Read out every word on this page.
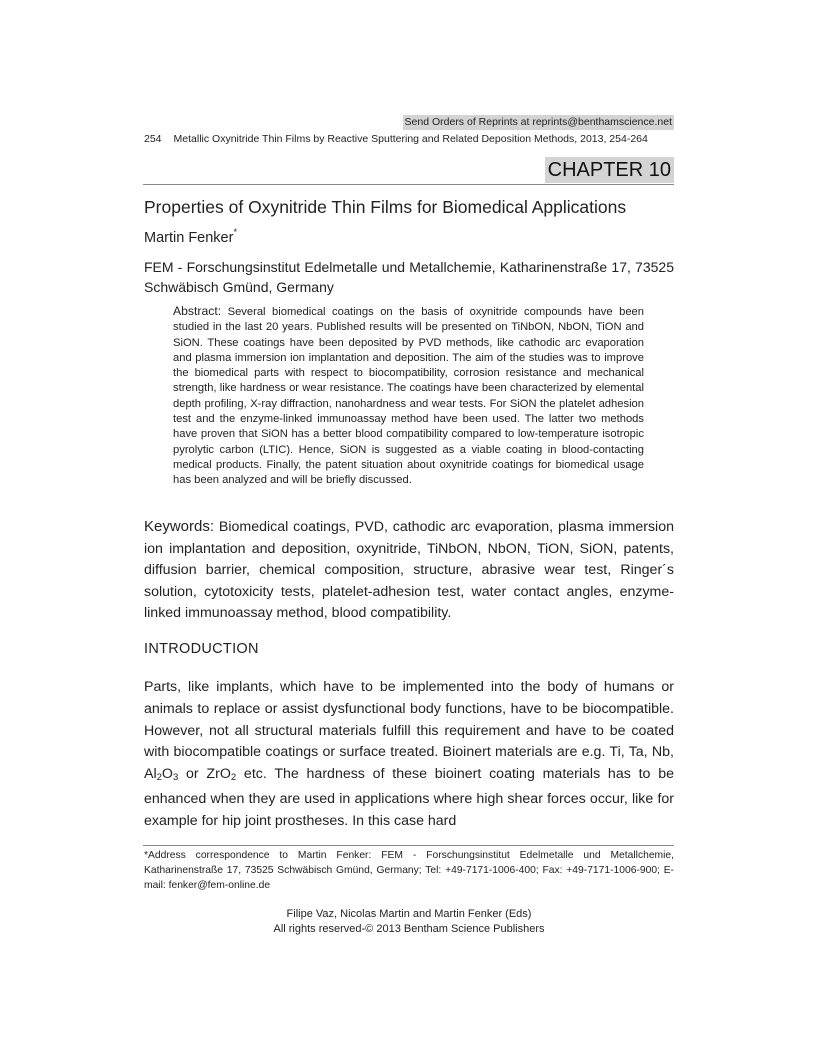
Send Orders of Reprints at reprints@benthamscience.net
254 Metallic Oxynitride Thin Films by Reactive Sputtering and Related Deposition Methods, 2013, 254-264
CHAPTER 10
Properties of Oxynitride Thin Films for Biomedical Applications
Martin Fenker*
FEM - Forschungsinstitut Edelmetalle und Metallchemie, Katharinenstraße 17, 73525 Schwäbisch Gmünd, Germany
Abstract: Several biomedical coatings on the basis of oxynitride compounds have been studied in the last 20 years. Published results will be presented on TiNbON, NbON, TiON and SiON. These coatings have been deposited by PVD methods, like cathodic arc evaporation and plasma immersion ion implantation and deposition. The aim of the studies was to improve the biomedical parts with respect to biocompatibility, corrosion resistance and mechanical strength, like hardness or wear resistance. The coatings have been characterized by elemental depth profiling, X-ray diffraction, nanohardness and wear tests. For SiON the platelet adhesion test and the enzyme-linked immunoassay method have been used. The latter two methods have proven that SiON has a better blood compatibility compared to low-temperature isotropic pyrolytic carbon (LTIC). Hence, SiON is suggested as a viable coating in blood-contacting medical products. Finally, the patent situation about oxynitride coatings for biomedical usage has been analyzed and will be briefly discussed.
Keywords: Biomedical coatings, PVD, cathodic arc evaporation, plasma immersion ion implantation and deposition, oxynitride, TiNbON, NbON, TiON, SiON, patents, diffusion barrier, chemical composition, structure, abrasive wear test, Ringer´s solution, cytotoxicity tests, platelet-adhesion test, water contact angles, enzyme-linked immunoassay method, blood compatibility.
INTRODUCTION
Parts, like implants, which have to be implemented into the body of humans or animals to replace or assist dysfunctional body functions, have to be biocompatible. However, not all structural materials fulfill this requirement and have to be coated with biocompatible coatings or surface treated. Bioinert materials are e.g. Ti, Ta, Nb, $Al_2O_3$ or ZrO$_2$ etc. The hardness of these bioinert coating materials has to be enhanced when they are used in applications where high shear forces occur, like for example for hip joint prostheses. In this case hard
*Address correspondence to Martin Fenker: FEM - Forschungsinstitut Edelmetalle und Metallchemie, Katharinenstraße 17, 73525 Schwäbisch Gmünd, Germany; Tel: +49-7171-1006-400; Fax: +49-7171-1006-900; E-mail: fenker@fem-online.de
Filipe Vaz, Nicolas Martin and Martin Fenker (Eds)
All rights reserved-© 2013 Bentham Science Publishers
